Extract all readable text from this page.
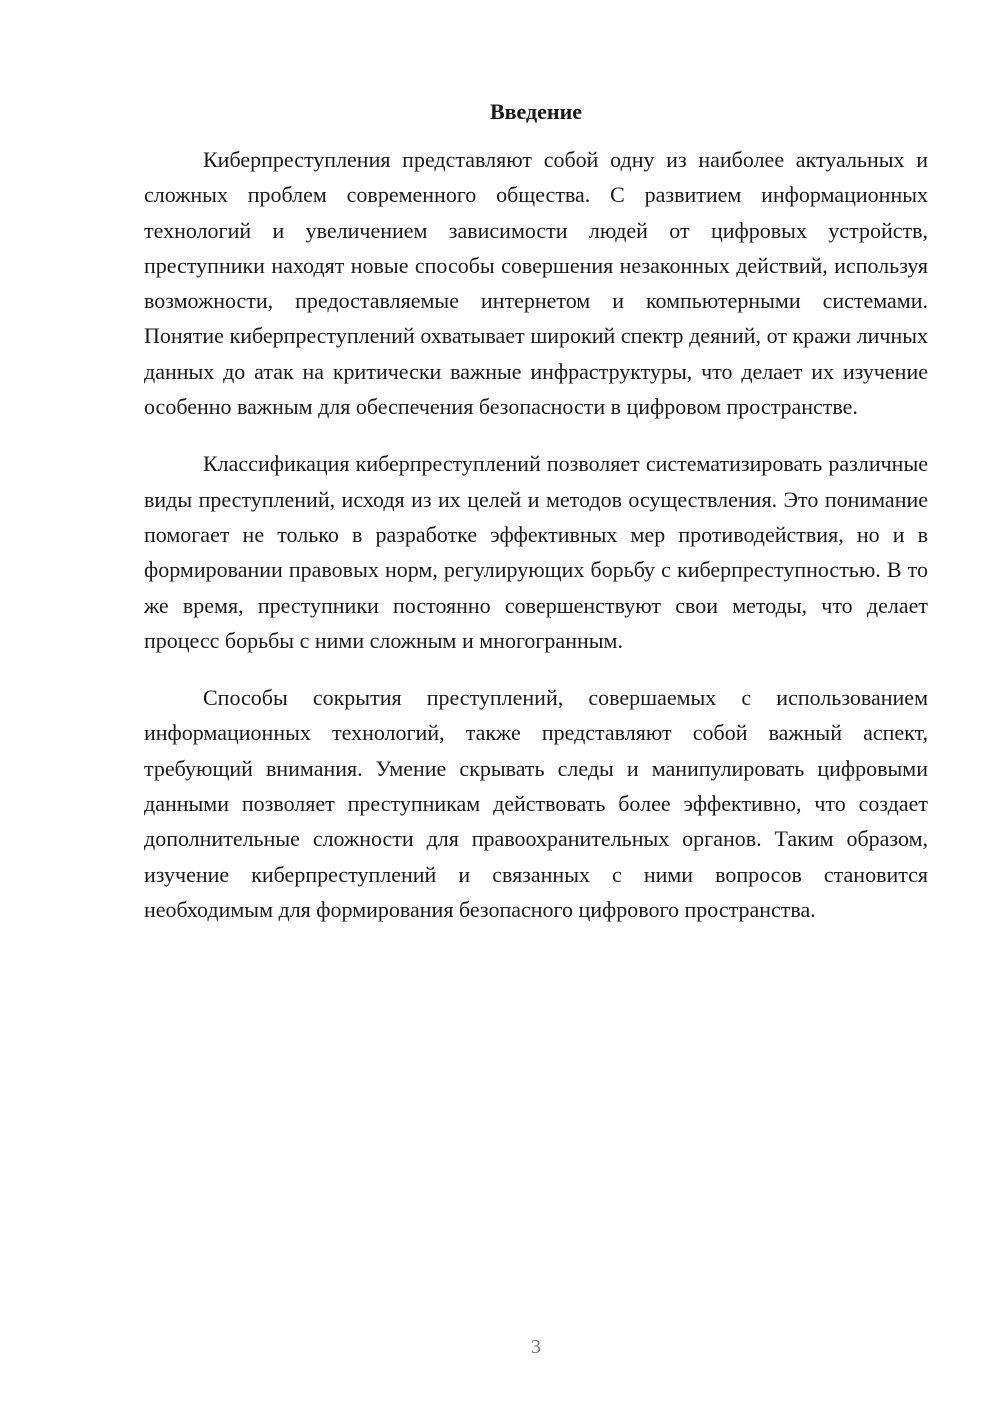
Введение

Киберпреступления представляют собой одну из наиболее актуальных и сложных проблем современного общества. С развитием информационных технологий и увеличением зависимости людей от цифровых устройств, преступники находят новые способы совершения незаконных действий, используя возможности, предоставляемые интернетом и компьютерными системами. Понятие киберпреступлений охватывает широкий спектр деяний, от кражи личных данных до атак на критически важные инфраструктуры, что делает их изучение особенно важным для обеспечения безопасности в цифровом пространстве.

Классификация киберпреступлений позволяет систематизировать различные виды преступлений, исходя из их целей и методов осуществления. Это понимание помогает не только в разработке эффективных мер противодействия, но и в формировании правовых норм, регулирующих борьбу с киберпреступностью. В то же время, преступники постоянно совершенствуют свои методы, что делает процесс борьбы с ними сложным и многогранным.

Способы сокрытия преступлений, совершаемых с использованием информационных технологий, также представляют собой важный аспект, требующий внимания. Умение скрывать следы и манипулировать цифровыми данными позволяет преступникам действовать более эффективно, что создает дополнительные сложности для правоохранительных органов. Таким образом, изучение киберпреступлений и связанных с ними вопросов становится необходимым для формирования безопасного цифрового пространства.

3
